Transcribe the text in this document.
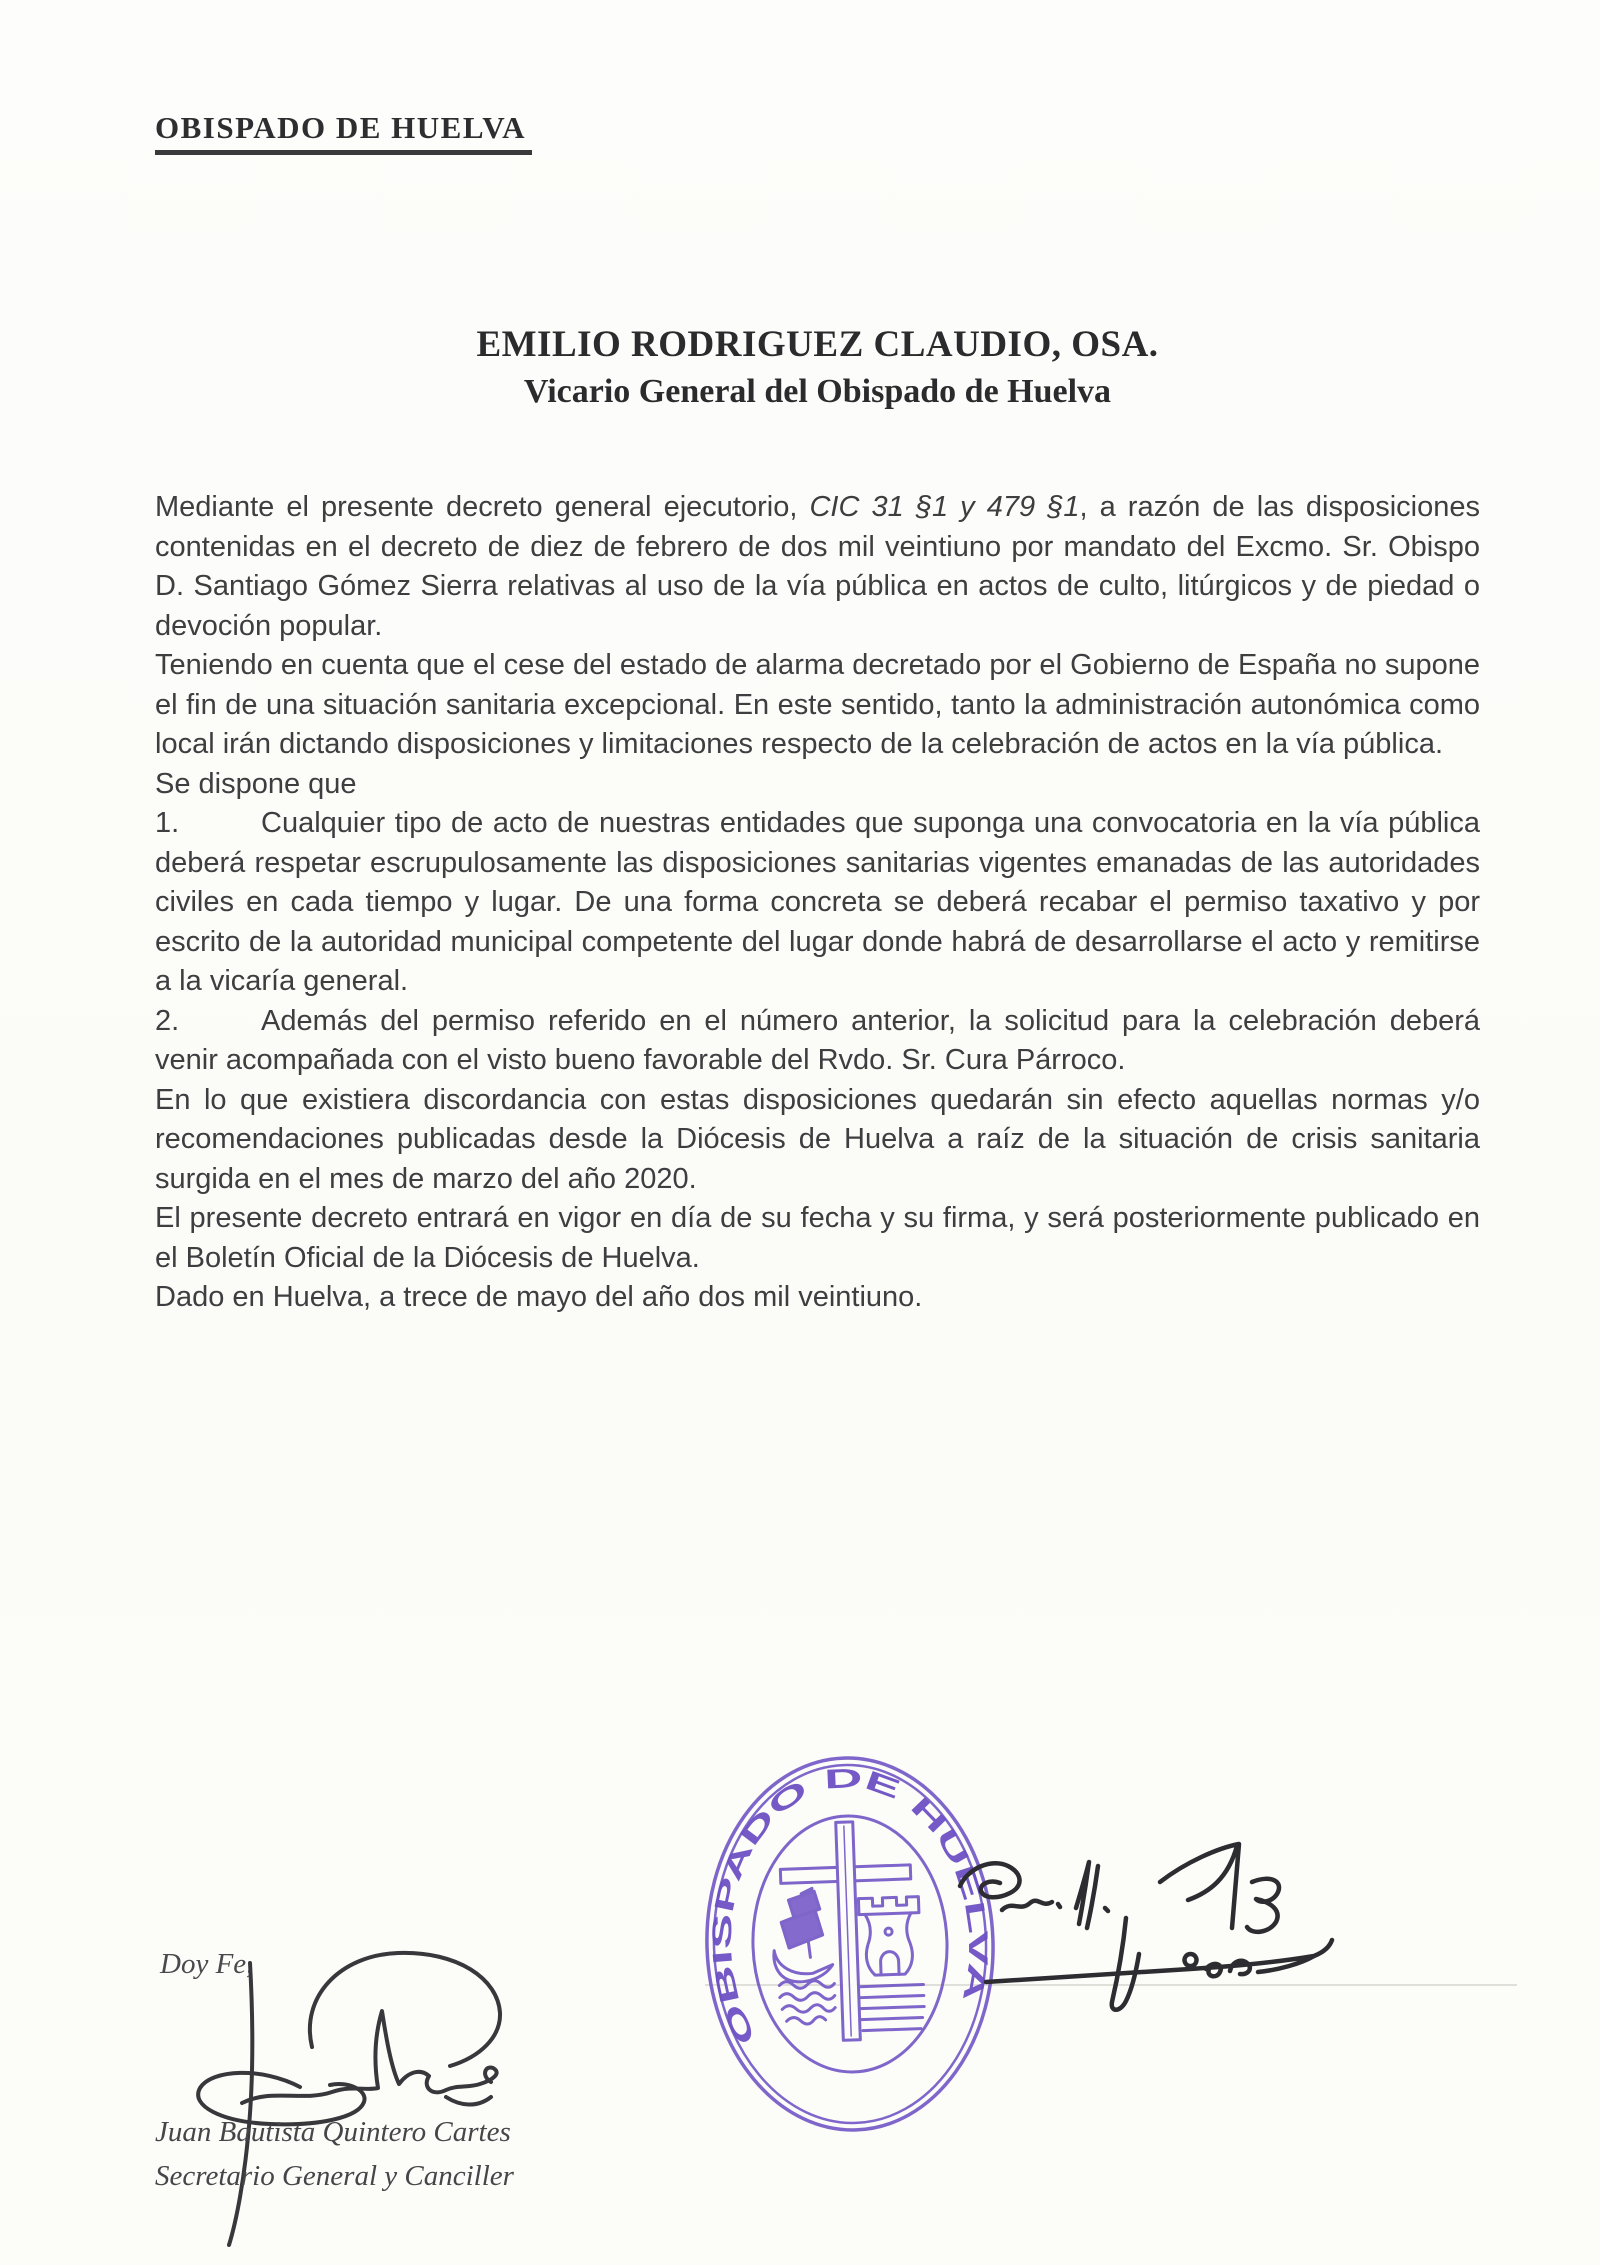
OBISPADO DE HUELVA
EMILIO RODRIGUEZ CLAUDIO, OSA.
Vicario General del Obispado de Huelva

Mediante el presente decreto general ejecutorio, CIC 31 §1 y 479 §1, a razón de las disposiciones contenidas en el decreto de diez de febrero de dos mil veintiuno por mandato del Excmo. Sr. Obispo D. Santiago Gómez Sierra relativas al uso de la vía pública en actos de culto, litúrgicos y de piedad o devoción popular.

Teniendo en cuenta que el cese del estado de alarma decretado por el Gobierno de España no supone el fin de una situación sanitaria excepcional. En este sentido, tanto la administración autonómica como local irán dictando disposiciones y limitaciones respecto de la celebración de actos en la vía pública.

Se dispone que

1.	Cualquier tipo de acto de nuestras entidades que suponga una convocatoria en la vía pública deberá respetar escrupulosamente las disposiciones sanitarias vigentes emanadas de las autoridades civiles en cada tiempo y lugar. De una forma concreta se deberá recabar el permiso taxativo y por escrito de la autoridad municipal competente del lugar donde habrá de desarrollarse el acto y remitirse a la vicaría general.

2.	Además del permiso referido en el número anterior, la solicitud para la celebración deberá venir acompañada con el visto bueno favorable del Rvdo. Sr. Cura Párroco.

En lo que existiera discordancia con estas disposiciones quedarán sin efecto aquellas normas y/o recomendaciones publicadas desde la Diócesis de Huelva a raíz de la situación de crisis sanitaria surgida en el mes de marzo del año 2020.

El presente decreto entrará en vigor en día de su fecha y su firma, y será posteriormente publicado en el Boletín Oficial de la Diócesis de Huelva.

Dado en Huelva, a trece de mayo del año dos mil veintiuno.

OBISPADO DE HUELVA
Doy Fe,
Juan Bautista Quintero Cartes
Secretario General y Canciller
